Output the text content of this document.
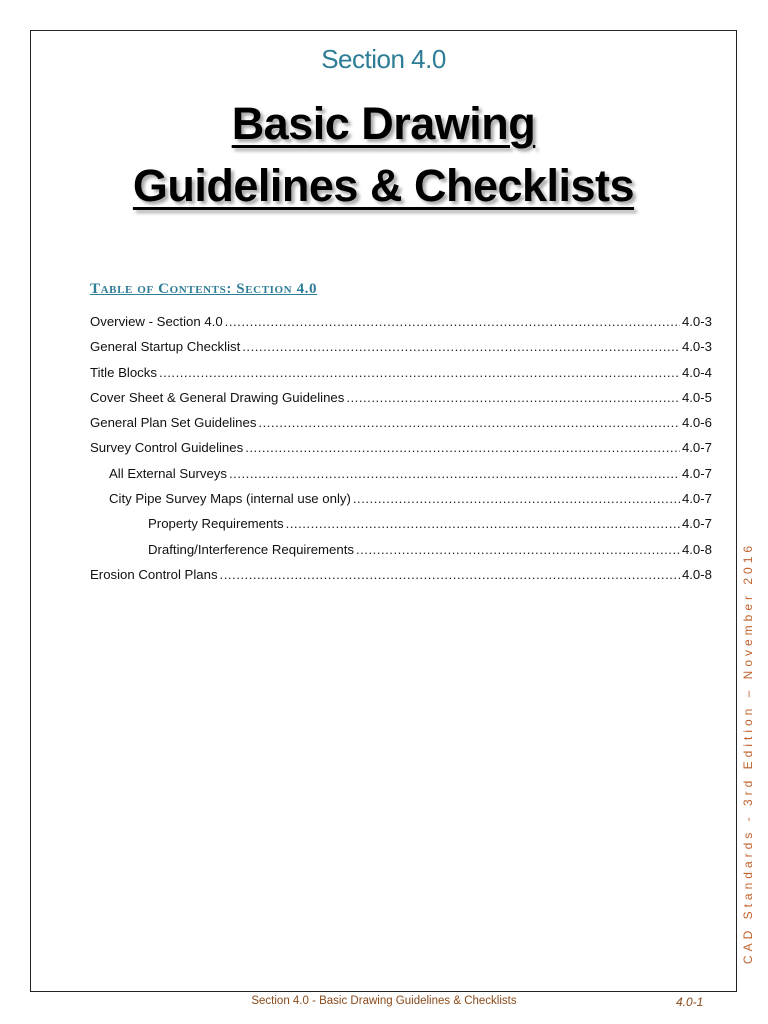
Section 4.0
Basic Drawing
Guidelines & Checklists
Table of Contents: Section 4.0
Overview - Section 4.0 .....	4.0-3
General Startup Checklist .....	4.0-3
Title Blocks .....	4.0-4
Cover Sheet & General Drawing Guidelines .....	4.0-5
General Plan Set Guidelines .....	4.0-6
Survey Control Guidelines .....	4.0-7
All External Surveys .....	4.0-7
City Pipe Survey Maps (internal use only) .....	4.0-7
Property Requirements .....	4.0-7
Drafting/Interference Requirements .....	4.0-8
Erosion Control Plans .....	4.0-8 CAD Standards - 3rd Edition – November 2016
Section 4.0 - Basic Drawing Guidelines & Checklists	4.0-1
